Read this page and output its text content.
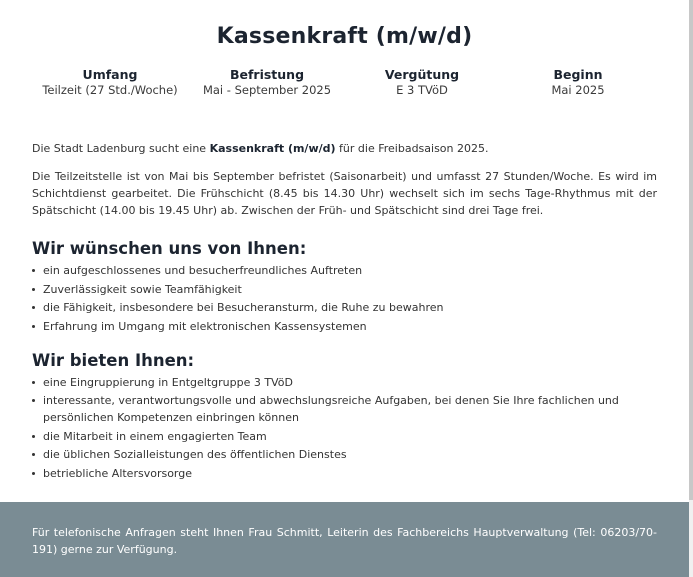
Kassenkraft (m/w/d)
Umfang
Teilzeit (27 Std./Woche)
Befristung
Mai - September 2025
Vergütung
E 3 TVöD
Beginn
Mai 2025

Die Stadt Ladenburg sucht eine Kassenkraft (m/w/d) für die Freibadsaison 2025.

Die Teilzeitstelle ist von Mai bis September befristet (Saisonarbeit) und umfasst 27 Stunden/Woche. Es wird im Schichtdienst gearbeitet. Die Frühschicht (8.45 bis 14.30 Uhr) wechselt sich im sechs Tage-Rhythmus mit der Spätschicht (14.00 bis 19.45 Uhr) ab. Zwischen der Früh- und Spätschicht sind drei Tage frei.

Wir wünschen uns von Ihnen:
ein aufgeschlossenes und besucherfreundliches Auftreten
Zuverlässigkeit sowie Teamfähigkeit
die Fähigkeit, insbesondere bei Besucheransturm, die Ruhe zu bewahren
Erfahrung im Umgang mit elektronischen Kassensystemen
Wir bieten Ihnen:
eine Eingruppierung in Entgeltgruppe 3 TVöD
interessante, verantwortungsvolle und abwechslungsreiche Aufgaben, bei denen Sie Ihre fachlichen und persönlichen Kompetenzen einbringen können
die Mitarbeit in einem engagierten Team
die üblichen Sozialleistungen des öffentlichen Dienstes
betriebliche Altersvorsorge

Für telefonische Anfragen steht Ihnen Frau Schmitt, Leiterin des Fachbereichs Hauptverwaltung (Tel: 06203/70-191) gerne zur Verfügung.
